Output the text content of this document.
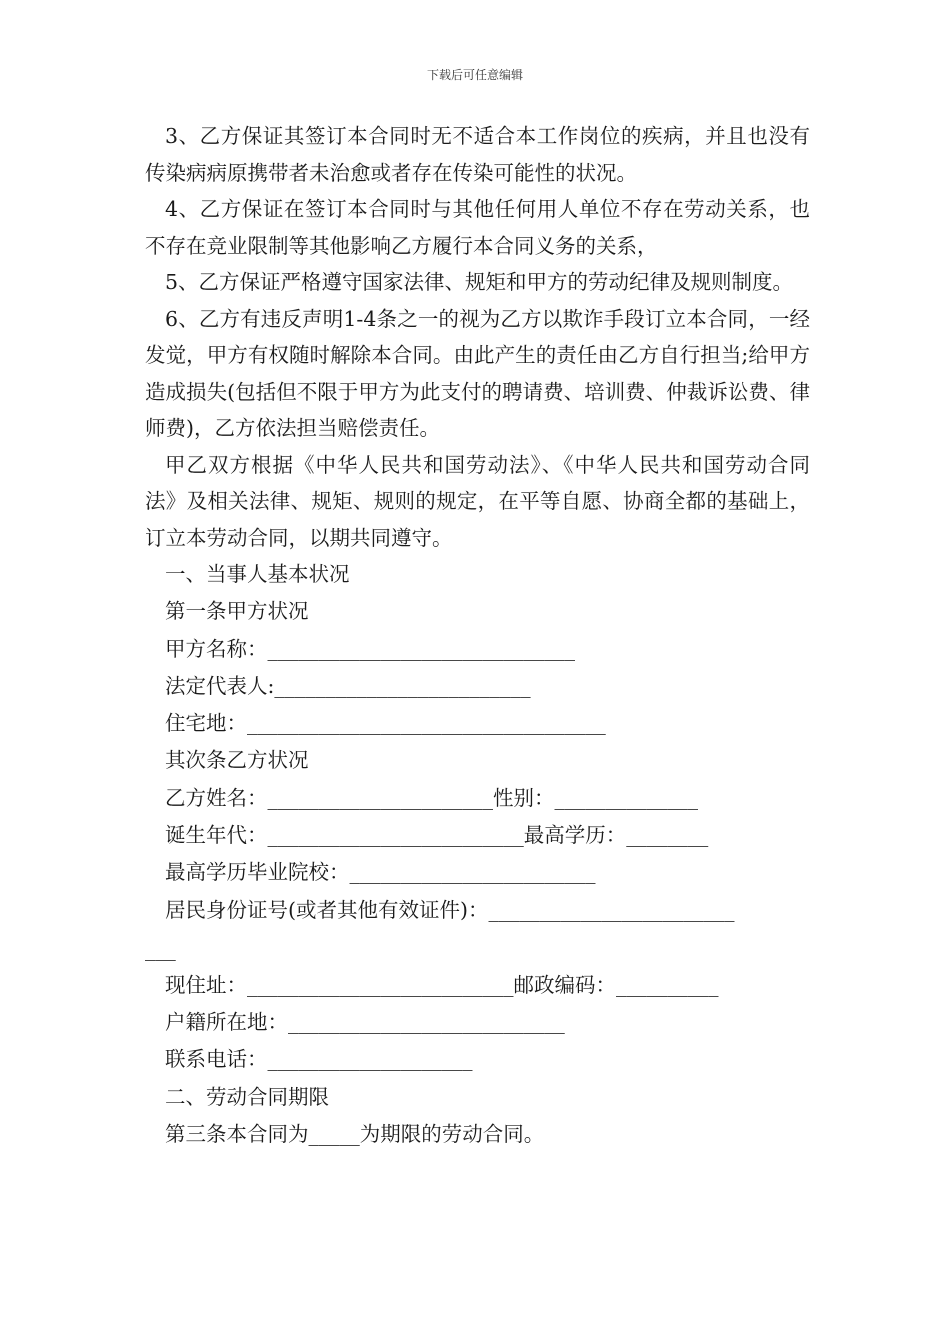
下载后可任意编辑

3、乙方保证其签订本合同时无不适合本工作岗位的疾病，并且也没有传染病病原携带者未治愈或者存在传染可能性的状况。

4、乙方保证在签订本合同时与其他任何用人单位不存在劳动关系，也不存在竞业限制等其他影响乙方履行本合同义务的关系，

5、乙方保证严格遵守国家法律、规矩和甲方的劳动纪律及规则制度。

6、乙方有违反声明1-4条之一的视为乙方以欺诈手段订立本合同，一经发觉，甲方有权随时解除本合同。由此产生的责任由乙方自行担当;给甲方造成损失(包括但不限于甲方为此支付的聘请费、培训费、仲裁诉讼费、律师费)，乙方依法担当赔偿责任。

甲乙双方根据《中华人民共和国劳动法》、《中华人民共和国劳动合同法》及相关法律、规矩、规则的规定，在平等自愿、协商全都的基础上，订立本劳动合同，以期共同遵守。

一、当事人基本状况

第一条甲方状况

甲方名称：______________________________

法定代表人:_________________________

住宅地：___________________________________

其次条乙方状况

乙方姓名：______________________性别：______________

诞生年代：_________________________最高学历：________

最高学历毕业院校：________________________

居民身份证号(或者其他有效证件)：________________________

___

现住址：__________________________邮政编码：__________

户籍所在地：___________________________

联系电话：____________________

二、劳动合同期限

第三条本合同为_____为期限的劳动合同。
